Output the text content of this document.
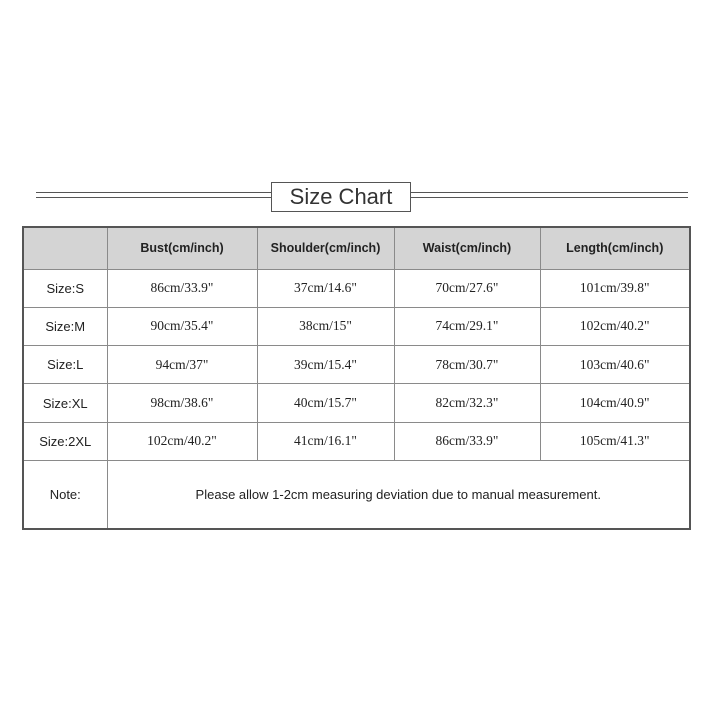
Size Chart
	Bust(cm/inch)	Shoulder(cm/inch)	Waist(cm/inch)	Length(cm/inch)
Size:S	86cm/33.9"	37cm/14.6"	70cm/27.6"	101cm/39.8"
Size:M	90cm/35.4"	38cm/15"	74cm/29.1"	102cm/40.2"
Size:L	94cm/37"	39cm/15.4"	78cm/30.7"	103cm/40.6"
Size:XL	98cm/38.6"	40cm/15.7"	82cm/32.3"	104cm/40.9"
Size:2XL	102cm/40.2"	41cm/16.1"	86cm/33.9"	105cm/41.3"
Note:	Please allow 1-2cm measuring deviation due to manual measurement.			
